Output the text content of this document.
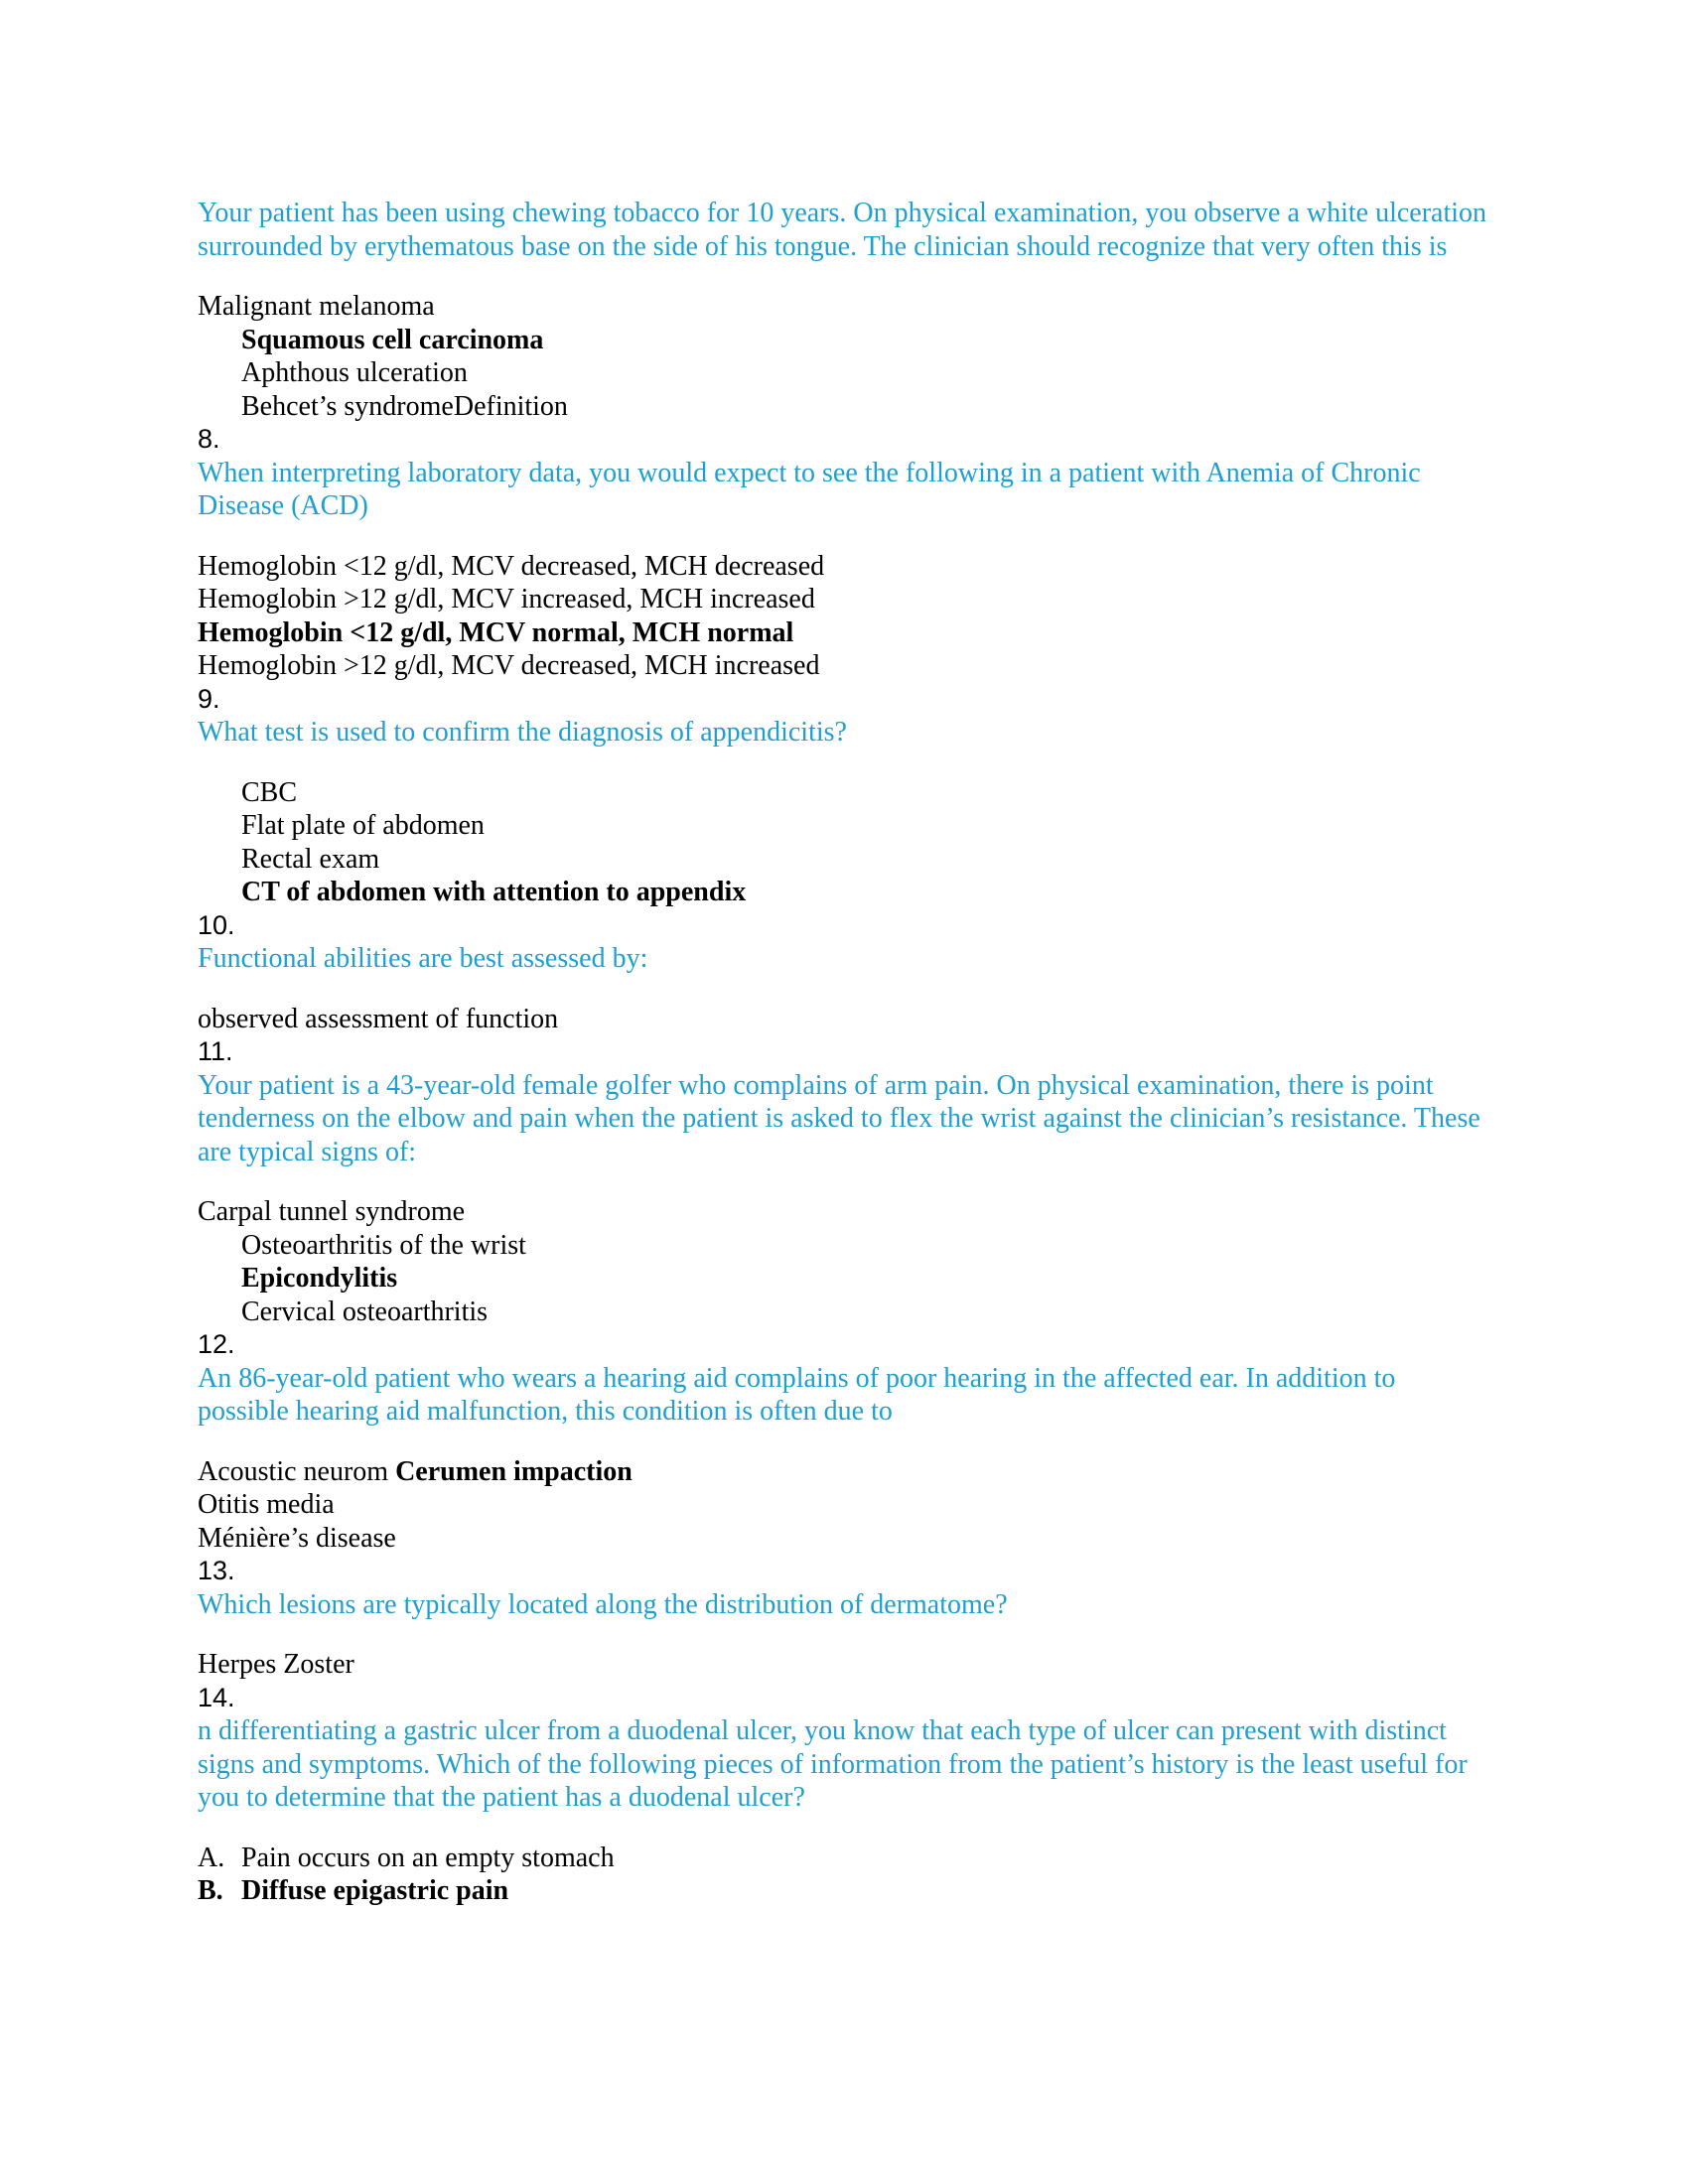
Your patient has been using chewing tobacco for 10 years. On physical examination, you observe a white ulceration surrounded by erythematous base on the side of his tongue. The clinician should recognize that very often this is

Malignant melanoma

Squamous cell carcinoma

Aphthous ulceration

Behcet’s syndromeDefinition

8.

When interpreting laboratory data, you would expect to see the following in a patient with Anemia of Chronic Disease (ACD)

Hemoglobin <12 g/dl, MCV decreased, MCH decreased

Hemoglobin >12 g/dl, MCV increased, MCH increased

Hemoglobin <12 g/dl, MCV normal, MCH normal

Hemoglobin >12 g/dl, MCV decreased, MCH increased

9.

What test is used to confirm the diagnosis of appendicitis?

CBC

Flat plate of abdomen

Rectal exam

CT of abdomen with attention to appendix

10.

Functional abilities are best assessed by:

observed assessment of function

11.

Your patient is a 43-year-old female golfer who complains of arm pain. On physical examination, there is point tenderness on the elbow and pain when the patient is asked to flex the wrist against the clinician’s resistance. These are typical signs of:

Carpal tunnel syndrome

Osteoarthritis of the wrist

Epicondylitis

Cervical osteoarthritis

12.

An 86-year-old patient who wears a hearing aid complains of poor hearing in the affected ear. In addition to possible hearing aid malfunction, this condition is often due to

Acoustic neurom Cerumen impaction

Otitis media

Ménière’s disease

13.

Which lesions are typically located along the distribution of dermatome?

Herpes Zoster

14.

n differentiating a gastric ulcer from a duodenal ulcer, you know that each type of ulcer can present with distinct signs and symptoms. Which of the following pieces of information from the patient’s history is the least useful for you to determine that the patient has a duodenal ulcer?

A. Pain occurs on an empty stomach

B. Diffuse epigastric pain
